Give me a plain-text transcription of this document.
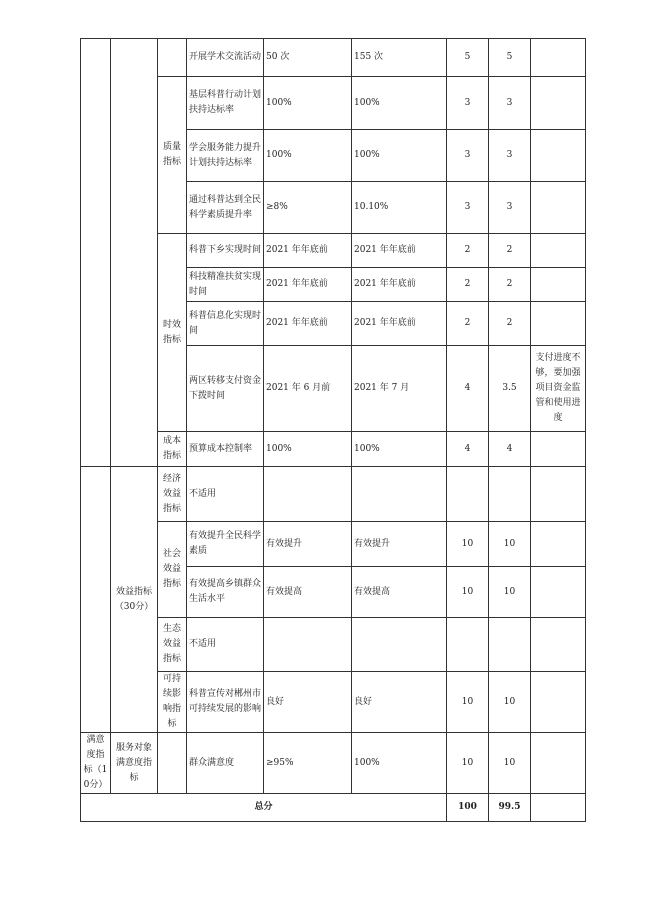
			开展学术交流活动	50 次	155 次	5	5	
		质量指标	基层科普行动计划扶持达标率	100%	100%	3	3	
			学会服务能力提升计划扶持达标率	100%	100%	3	3	
			通过科普达到全民科学素质提升率	≥8%	10.10%	3	3	
		时效指标	科普下乡实现时间	2021 年年底前	2021 年年底前	2	2	
			科技精准扶贫实现时间	2021 年年底前	2021 年年底前	2	2	
			科普信息化实现时间	2021 年年底前	2021 年年底前	2	2	
			两区转移支付资金下拨时间	2021 年 6 月前	2021 年 7 月	4	3.5	支付进度不够，要加强项目资金监管和使用进度
		成本指标	预算成本控制率	100%	100%	4	4	
	效益指标（30分）	经济效益指标	不适用					
		社会效益指标	有效提升全民科学素质	有效提升	有效提升	10	10	
			有效提高乡镇群众生活水平	有效提高	有效提高	10	10	
		生态效益指标	不适用					
		可持续影响指标	科普宣传对郴州市可持续发展的影响	良好	良好	10	10	
满意度指标（10分）	服务对象满意度指标		群众满意度	≥95%	100%	10	10	
总分						100	99.5	
